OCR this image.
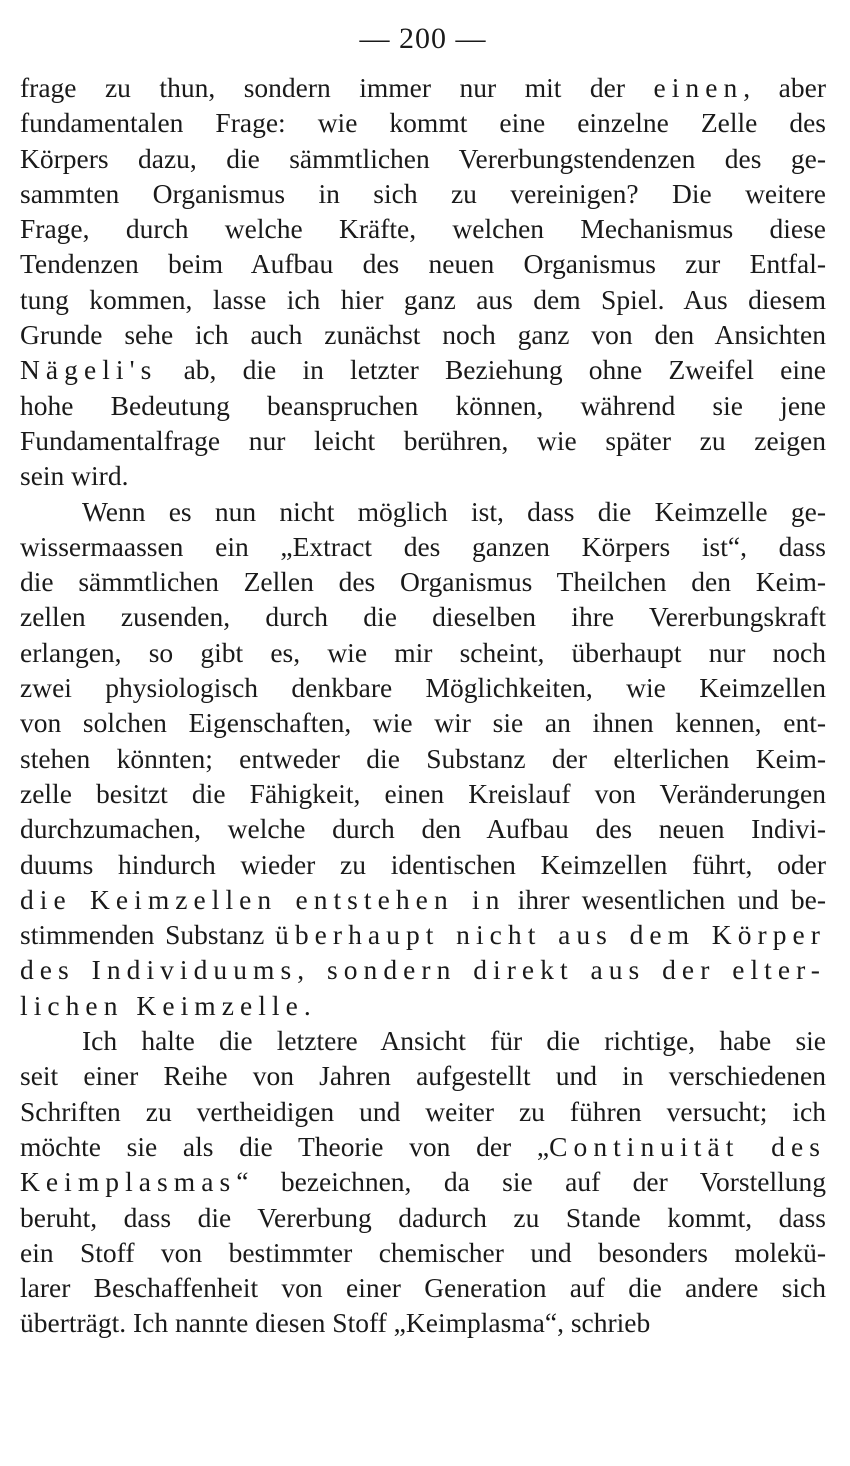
— 200 —
frage zu thun, sondern immer nur mit der einen, aber
fundamentalen Frage: wie kommt eine einzelne Zelle des
Körpers dazu, die sämmtlichen Vererbungstendenzen des ge-
sammten Organismus in sich zu vereinigen? Die weitere
Frage, durch welche Kräfte, welchen Mechanismus diese
Tendenzen beim Aufbau des neuen Organismus zur Entfal-
tung kommen, lasse ich hier ganz aus dem Spiel. Aus diesem
Grunde sehe ich auch zunächst noch ganz von den Ansichten
Nägeli's ab, die in letzter Beziehung ohne Zweifel eine
hohe Bedeutung beanspruchen können, während sie jene
Fundamentalfrage nur leicht berühren, wie später zu zeigen
sein wird.
Wenn es nun nicht möglich ist, dass die Keimzelle ge-
wissermaassen ein „Extract des ganzen Körpers ist“, dass
die sämmtlichen Zellen des Organismus Theilchen den Keim-
zellen zusenden, durch die dieselben ihre Vererbungskraft
erlangen, so gibt es, wie mir scheint, überhaupt nur noch
zwei physiologisch denkbare Möglichkeiten, wie Keimzellen
von solchen Eigenschaften, wie wir sie an ihnen kennen, ent-
stehen könnten; entweder die Substanz der elterlichen Keim-
zelle besitzt die Fähigkeit, einen Kreislauf von Veränderungen
durchzumachen, welche durch den Aufbau des neuen Indivi-
duums hindurch wieder zu identischen Keimzellen führt, oder
die Keimzellen entstehen in ihrer wesentlichen und be-
stimmenden Substanz überhaupt nicht aus dem Körper
des Individuums, sondern direkt aus der elter-
lichen Keimzelle.
Ich halte die letztere Ansicht für die richtige, habe sie
seit einer Reihe von Jahren aufgestellt und in verschiedenen
Schriften zu vertheidigen und weiter zu führen versucht; ich
möchte sie als die Theorie von der „Continuität des
Keimplasmas“ bezeichnen, da sie auf der Vorstellung
beruht, dass die Vererbung dadurch zu Stande kommt, dass
ein Stoff von bestimmter chemischer und besonders molekü-
larer Beschaffenheit von einer Generation auf die andere sich
überträgt. Ich nannte diesen Stoff „Keimplasma“, schrieb
